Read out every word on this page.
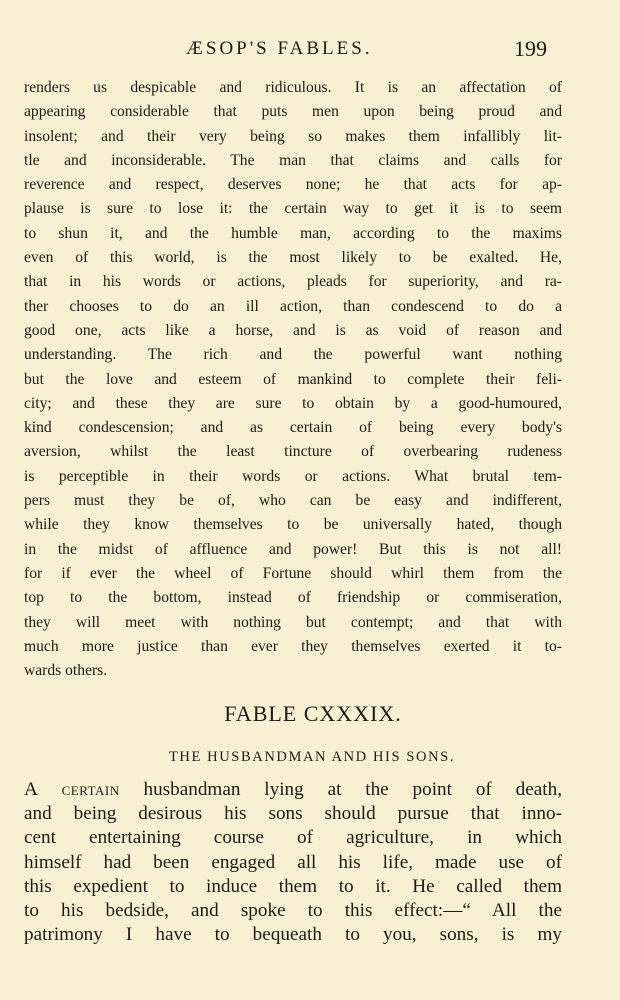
ÆSOP'S FABLES.	199
renders us despicable and ridiculous. It is an affectation of
appearing considerable that puts men upon being proud and
insolent; and their very being so makes them infallibly lit-
tle and inconsiderable. The man that claims and calls for
reverence and respect, deserves none; he that acts for ap-
plause is sure to lose it: the certain way to get it is to seem
to shun it, and the humble man, according to the maxims
even of this world, is the most likely to be exalted. He,
that in his words or actions, pleads for superiority, and ra-
ther chooses to do an ill action, than condescend to do a
good one, acts like a horse, and is as void of reason and
understanding. The rich and the powerful want nothing
but the love and esteem of mankind to complete their feli-
city; and these they are sure to obtain by a good-humoured,
kind condescension; and as certain of being every body's
aversion, whilst the least tincture of overbearing rudeness
is perceptible in their words or actions. What brutal tem-
pers must they be of, who can be easy and indifferent,
while they know themselves to be universally hated, though
in the midst of affluence and power! But this is not all!
for if ever the wheel of Fortune should whirl them from the
top to the bottom, instead of friendship or commiseration,
they will meet with nothing but contempt; and that with
much more justice than ever they themselves exerted it to-
wards others.
FABLE CXXXIX.
THE HUSBANDMAN AND HIS SONS.
A certain husbandman lying at the point of death,
and being desirous his sons should pursue that inno-
cent entertaining course of agriculture, in which
himself had been engaged all his life, made use of
this expedient to induce them to it. He called them
to his bedside, and spoke to this effect:—“ All the
patrimony I have to bequeath to you, sons, is my
